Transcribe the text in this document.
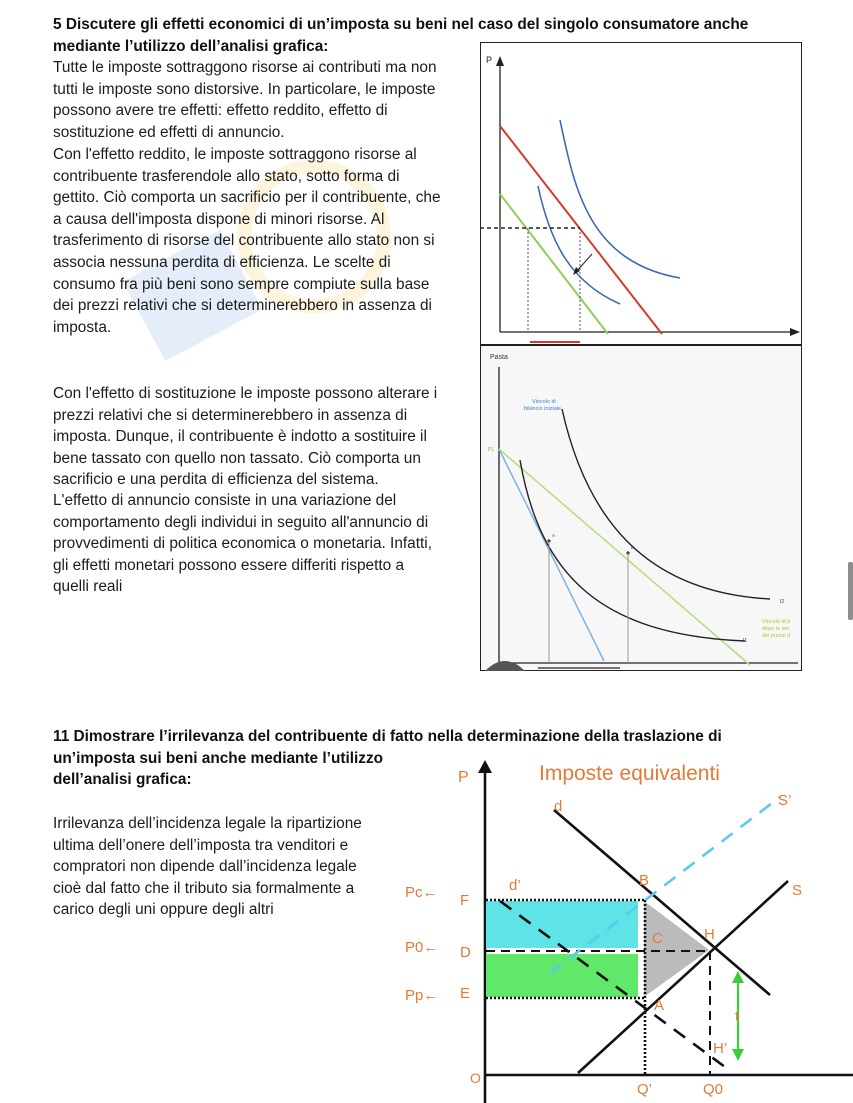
5 Discutere gli effetti economici di un’imposta su beni nel caso del singolo consumatore anche
mediante l’utilizzo dell’analisi grafica:
Tutte le imposte sottraggono risorse ai contributi ma non
tutti le imposte sono distorsive. In particolare, le imposte
possono avere tre effetti: effetto reddito, effetto di
sostituzione ed effetti di annuncio.
Con l'effetto reddito, le imposte sottraggono risorse al
contribuente trasferendole allo stato, sotto forma di
gettito. Ciò comporta un sacrificio per il contribuente, che
a causa dell'imposta dispone di minori risorse. Al
trasferimento di risorse del contribuente allo stato non si
associa nessuna perdita di efficienza. Le scelte di
consumo fra più beni sono sempre compiute sulla base
dei prezzi relativi che si determinerebbero in assenza di
imposta.
Con l'effetto di sostituzione le imposte possono alterare i
prezzi relativi che si determinerebbero in assenza di
imposta. Dunque, il contribuente è indotto a sostituire il
bene tassato con quello non tassato. Ciò comporta un
sacrificio e una perdita di efficienza del sistema.
L'effetto di annuncio consiste in una variazione del
comportamento degli individui in seguito all'annuncio di
provvedimenti di politica economica o monetaria. Infatti,
gli effetti monetari possono essere differiti rispetto a
quelli reali
P
Pasta
Vincolo di bilancio iniziale
P1
I1
I2
Vincolo di b dopo la mo dei prezzi d
A
B
11 Dimostrare l’irrilevanza del contribuente di fatto nella determinazione della traslazione di
un’imposta sui beni anche mediante l’utilizzo
dell’analisi grafica:
Irrilevanza dell’incidenza legale la ripartizione
ultima dell’onere dell’imposta tra venditori e
compratori non dipende dall’incidenza legale
cioè dal fatto che il tributo sia formalmente a
carico degli uni oppure degli altri
Imposte equivalenti
P
O
d
d’
S’
S
B
C	H
A
H’
t
F
D
E
Pc←
P0←
Pp←
Q’	Q0
